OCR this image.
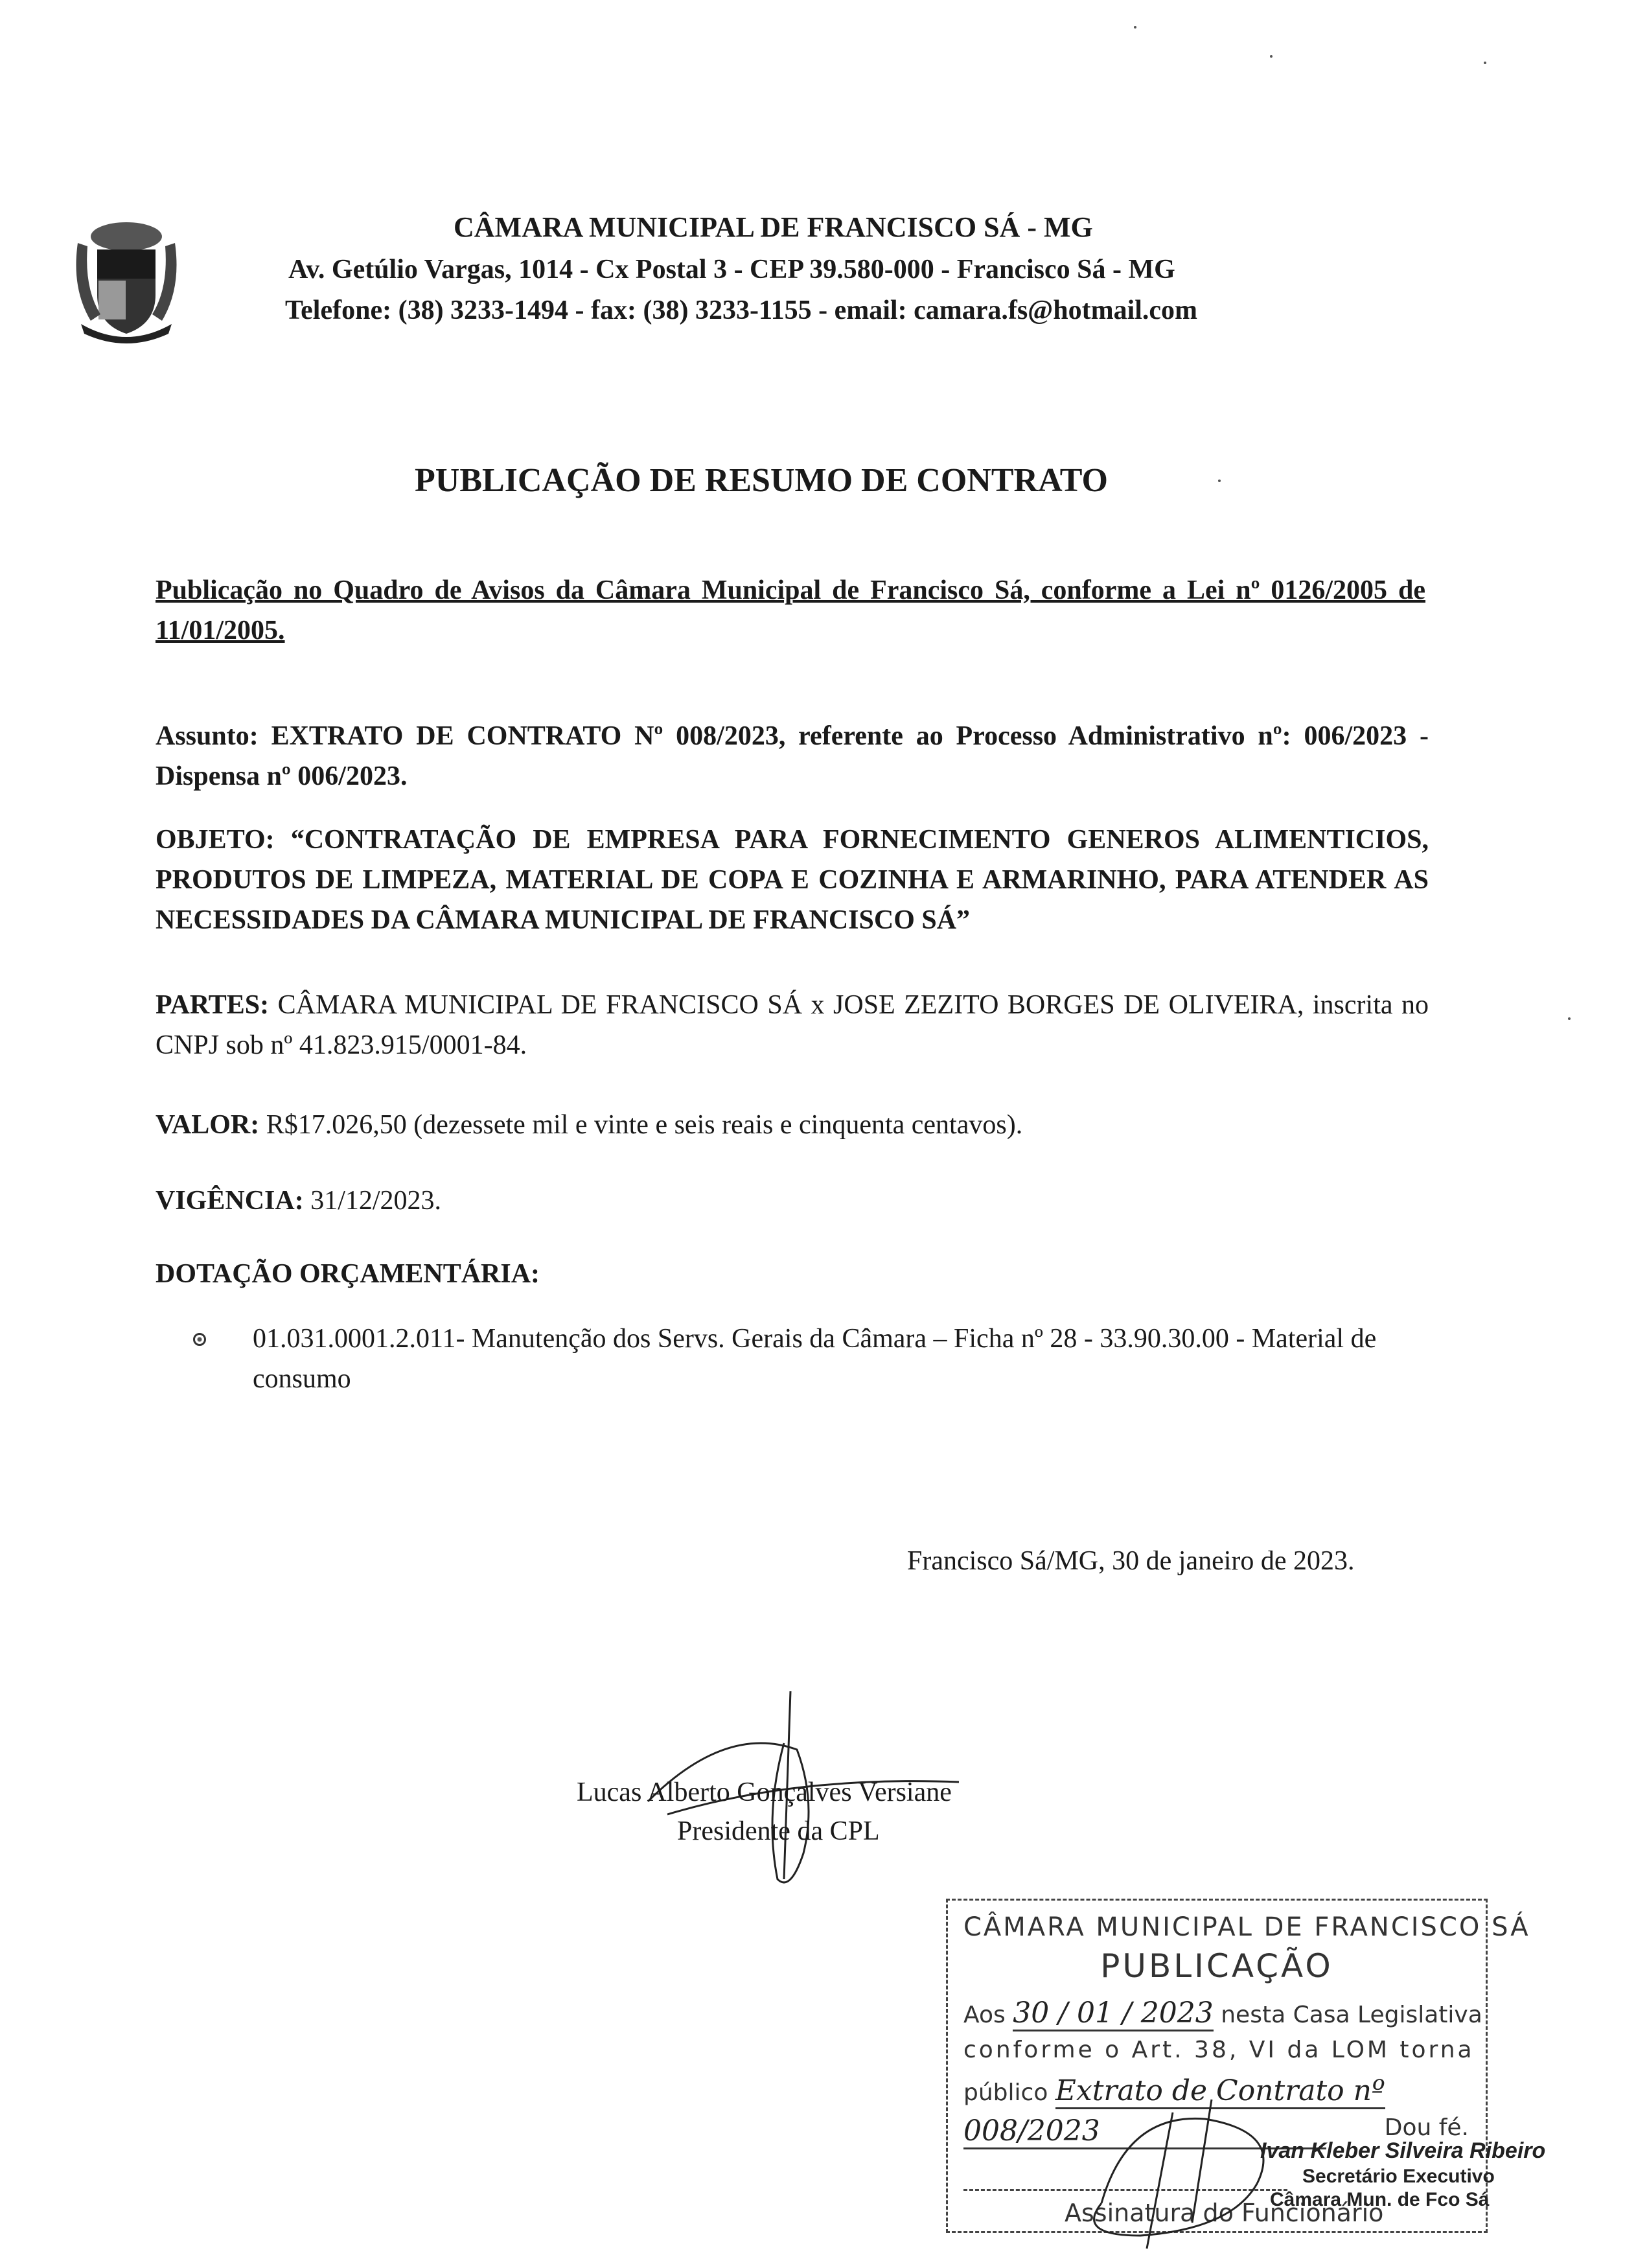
CÂMARA MUNICIPAL DE FRANCISCO SÁ - MG
Av. Getúlio Vargas, 1014 - Cx Postal 3 - CEP 39.580-000 - Francisco Sá - MG
Telefone: (38) 3233-1494 - fax: (38) 3233-1155 - email: camara.fs@hotmail.com
PUBLICAÇÃO DE RESUMO DE CONTRATO
Publicação no Quadro de Avisos da Câmara Municipal de Francisco Sá, conforme a Lei nº 0126/2005 de 11/01/2005.
Assunto: EXTRATO DE CONTRATO Nº 008/2023, referente ao Processo Administrativo nº: 006/2023 - Dispensa nº 006/2023.
OBJETO: “CONTRATAÇÃO DE EMPRESA PARA FORNECIMENTO GENEROS ALIMENTICIOS, PRODUTOS DE LIMPEZA, MATERIAL DE COPA E COZINHA E ARMARINHO, PARA ATENDER AS NECESSIDADES DA CÂMARA MUNICIPAL DE FRANCISCO SÁ”
PARTES: CÂMARA MUNICIPAL DE FRANCISCO SÁ x JOSE ZEZITO BORGES DE OLIVEIRA, inscrita no CNPJ sob nº 41.823.915/0001-84.
VALOR: R$17.026,50 (dezessete mil e vinte e seis reais e cinquenta centavos).
VIGÊNCIA: 31/12/2023.
DOTAÇÃO ORÇAMENTÁRIA:
01.031.0001.2.011- Manutenção dos Servs. Gerais da Câmara – Ficha nº 28 - 33.90.30.00 - Material de consumo
Francisco Sá/MG, 30 de janeiro de 2023.
Lucas Alberto Gonçalves Versiane
Presidente da CPL
CÂMARA MUNICIPAL DE FRANCISCO SÁ
PUBLICAÇÃO
Aos 30 / 01 / 2023 nesta Casa Legislativa
conforme o Art. 38, VI da LOM torna
público Extrato de Contrato nº
008/2023	Dou fé.
Assinatura do Funcionário
Ivan Kleber Silveira Ribeiro
Secretário Executivo
Câmara Mun. de Fco Sá
